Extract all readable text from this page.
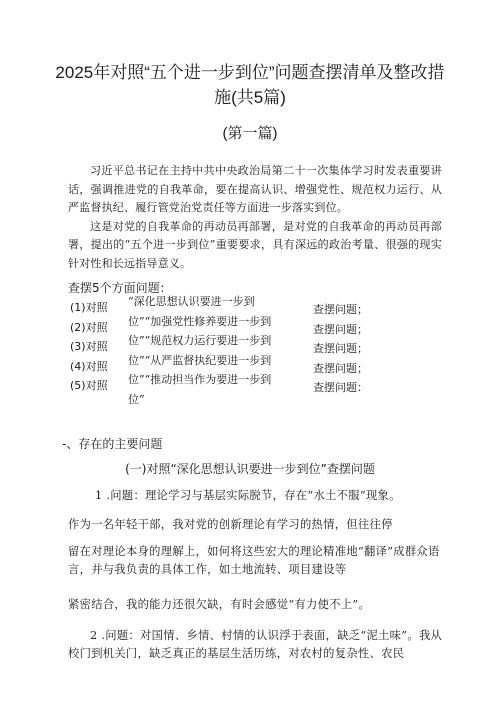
2025年对照“五个进一步到位”问题查摆清单及整改措施(共5篇)
(第一篇)

习近平总书记在主持中共中央政治局第二十一次集体学习时发表重要讲话，强调推进党的自我革命，要在提高认识、增强党性、规范权力运行、从严监督执纪、履行管党治党责任等方面进一步落实到位。

这是对党的自我革命的再动员再部署，是对党的自我革命的再动员再部署，提出的“五个进一步到位”重要要求，具有深远的政治考量、很强的现实针对性和长远指导意义。

查摆5个方面问题：
(1)对照
(2)对照
(3)对照
(4)对照
(5)对照
“深化思想认识要进一步到
位”“加强党性修养要进一步到
位”“规范权力运行要进一步到
位”“从严监督执纪要进一步到
位”“推动担当作为要进一步到
位”
查摆问题；
查摆问题；
查摆问题；
查摆问题；
查摆问题：
-、存在的主要问题
(一)对照“深化思想认识要进一步到位”查摆问题
1 .问题：理论学习与基层实际脱节，存在“水土不服”现象。
作为一名年轻干部，我对党的创新理论有学习的热情，但往往停
留在对理论本身的理解上，如何将这些宏大的理论精准地“翻译”成群众语言，并与我负责的具体工作，如土地流转、项目建设等
紧密结合，我的能力还很欠缺，有时会感觉“有力使不上”。
2 .问题：对国情、乡情、村情的认识浮于表面，缺乏“泥土味”。我从校门到机关门，缺乏真正的基层生活历练，对农村的复杂性、农民
